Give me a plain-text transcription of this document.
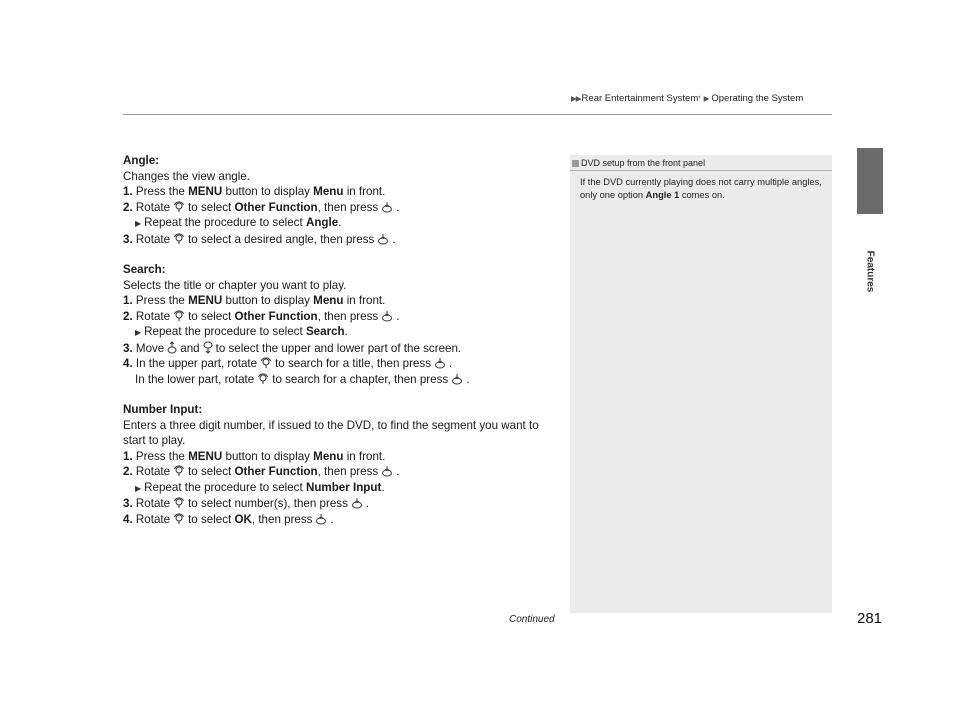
▶▶ Rear Entertainment System * ▶ Operating the System
Features
Angle:
Changes the view angle.
1. Press the MENU button to display Menu in front.
2. Rotate to select Other Function, then press .
▶ Repeat the procedure to select Angle.
3. Rotate to select a desired angle, then press .
Search:
Selects the title or chapter you want to play.
1. Press the MENU button to display Menu in front.
2. Rotate to select Other Function, then press .
▶ Repeat the procedure to select Search.
3. Move and to select the upper and lower part of the screen.
4. In the upper part, rotate to search for a title, then press .
In the lower part, rotate to search for a chapter, then press .
Number Input:
Enters a three digit number, if issued to the DVD, to find the segment you want to start to play.
1. Press the MENU button to display Menu in front.
2. Rotate to select Other Function, then press .
▶ Repeat the procedure to select Number Input.
3. Rotate to select number(s), then press .
4. Rotate to select OK, then press .
DVD setup from the front panel
If the DVD currently playing does not carry multiple angles, only one option Angle 1 comes on.
Continued	281
